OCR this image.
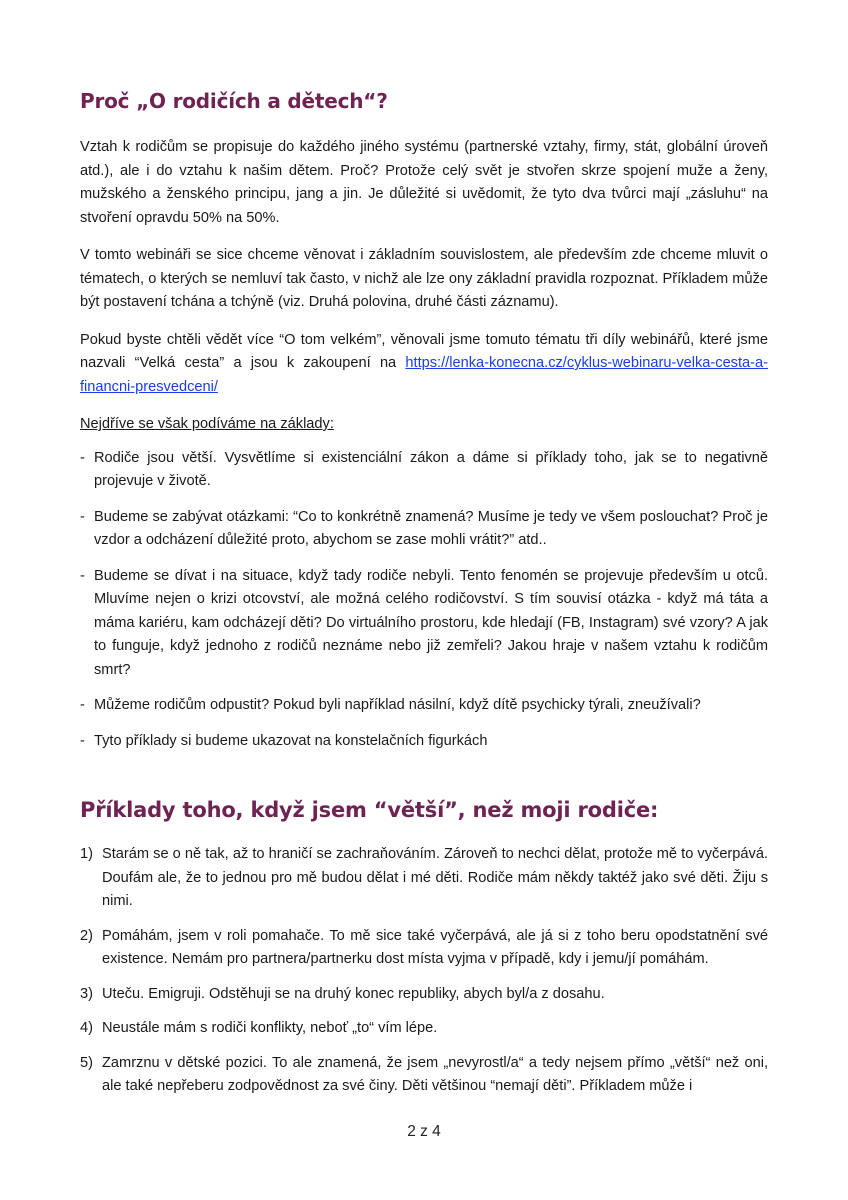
Proč „O rodičích a dětech“?

Vztah k rodičům se propisuje do každého jiného systému (partnerské vztahy, firmy, stát, globální úroveň atd.), ale i do vztahu k našim dětem. Proč? Protože celý svět je stvořen skrze spojení muže a ženy, mužského a ženského principu, jang a jin. Je důležité si uvědomit, že tyto dva tvůrci mají „zásluhu“ na stvoření opravdu 50% na 50%.

V tomto webináři se sice chceme věnovat i základním souvislostem, ale především zde chceme mluvit o tématech, o kterých se nemluví tak často, v nichž ale lze ony základní pravidla rozpoznat. Příkladem může být postavení tchána a tchýně (viz. Druhá polovina, druhé části záznamu).

Pokud byste chtěli vědět více “O tom velkém”, věnovali jsme tomuto tématu tři díly webinářů, které jsme nazvali “Velká cesta” a jsou k zakoupení na https://lenka-konecna.cz/cyklus-webinaru-velka-cesta-a-financni-presvedceni/

Nejdříve se však podíváme na základy:

- Rodiče jsou větší. Vysvětlíme si existenciální zákon a dáme si příklady toho, jak se to negativně projevuje v životě.
- Budeme se zabývat otázkami: “Co to konkrétně znamená? Musíme je tedy ve všem poslouchat? Proč je vzdor a odcházení důležité proto, abychom se zase mohli vrátit?” atd..
- Budeme se dívat i na situace, když tady rodiče nebyli. Tento fenomén se projevuje především u otců. Mluvíme nejen o krizi otcovství, ale možná celého rodičovství. S tím souvisí otázka - když má táta a máma kariéru, kam odcházejí děti? Do virtuálního prostoru, kde hledají (FB, Instagram) své vzory? A jak to funguje, když jednoho z rodičů neznáme nebo již zemřeli? Jakou hraje v našem vztahu k rodičům smrt?
- Můžeme rodičům odpustit? Pokud byli například násilní, když dítě psychicky týrali, zneužívali?
- Tyto příklady si budeme ukazovat na konstelačních figurkách
Příklady toho, když jsem “větší”, než moji rodiče:
1) Starám se o ně tak, až to hraničí se zachraňováním. Zároveň to nechci dělat, protože mě to vyčerpává. Doufám ale, že to jednou pro mě budou dělat i mé děti. Rodiče mám někdy taktéž jako své děti. Žiju s nimi.
2) Pomáhám, jsem v roli pomahače. To mě sice také vyčerpává, ale já si z toho beru opodstatnění své existence. Nemám pro partnera/partnerku dost místa vyjma v případě, kdy i jemu/jí pomáhám.
3) Uteču. Emigruji. Odstěhuji se na druhý konec republiky, abych byl/a z dosahu.
4) Neustále mám s rodiči konflikty, neboť „to“ vím lépe.
5) Zamrznu v dětské pozici. To ale znamená, že jsem „nevyrostl/a“ a tedy nejsem přímo „větší“ než oni, ale také nepřeberu zodpovědnost za své činy. Děti většinou “nemají děti”. Příkladem může i
2 z 4
